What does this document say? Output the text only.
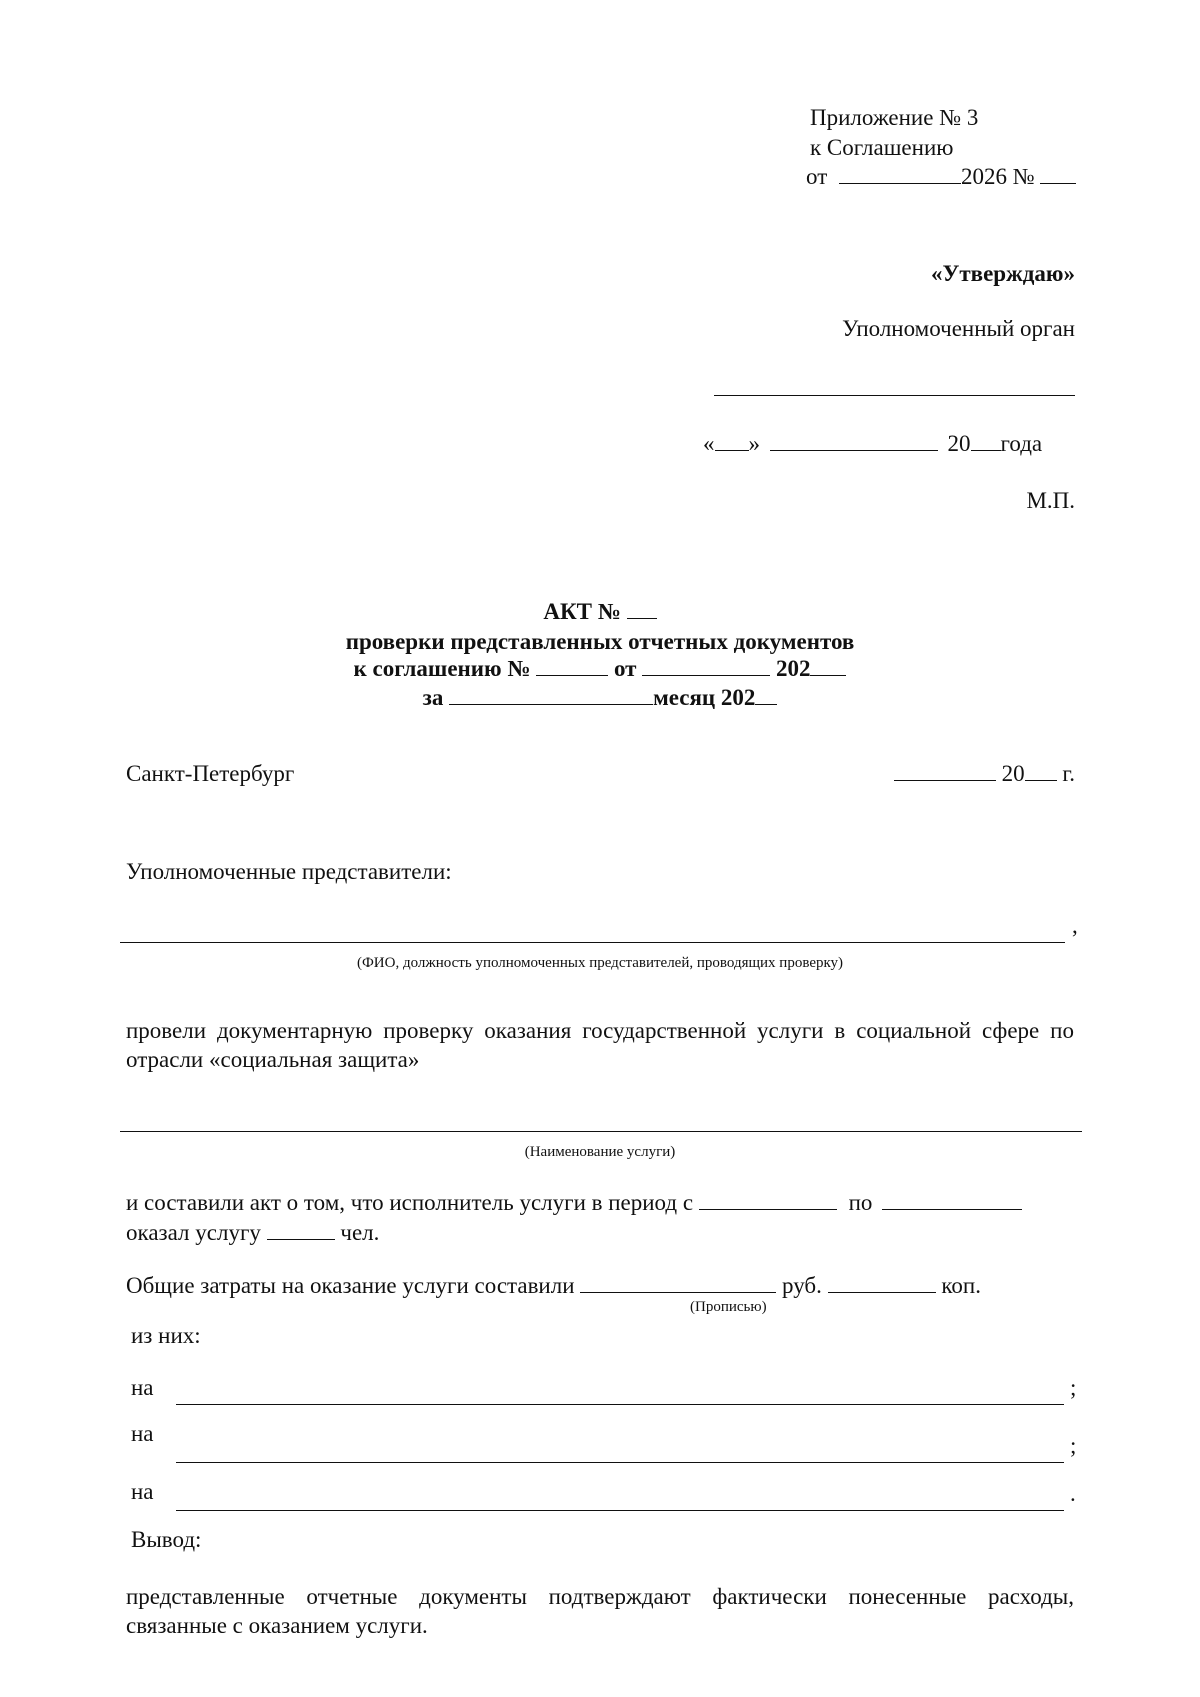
Приложение № 3
к Соглашению
от	2026 №
«Утверждаю»
Уполномоченный орган
« »	20 года
М.П.
АКТ №
проверки представленных отчетных документов
к соглашению №	от	202
за	месяц 202
Санкт-Петербург	20 г.
Уполномоченные представители:
,
(ФИО, должность уполномоченных представителей, проводящих проверку)
провели документарную проверку оказания государственной услуги в социальной сфере по отрасли «социальная защита»
(Наименование услуги)
и составили акт о том, что исполнитель услуги в период с	по
оказал услугу	чел.
Общие затраты на оказание услуги составили	руб.	коп.
(Прописью)
из них:
на	;
на	;
на	.
Вывод:
представленные отчетные документы подтверждают фактически понесенные расходы, связанные с оказанием услуги.
